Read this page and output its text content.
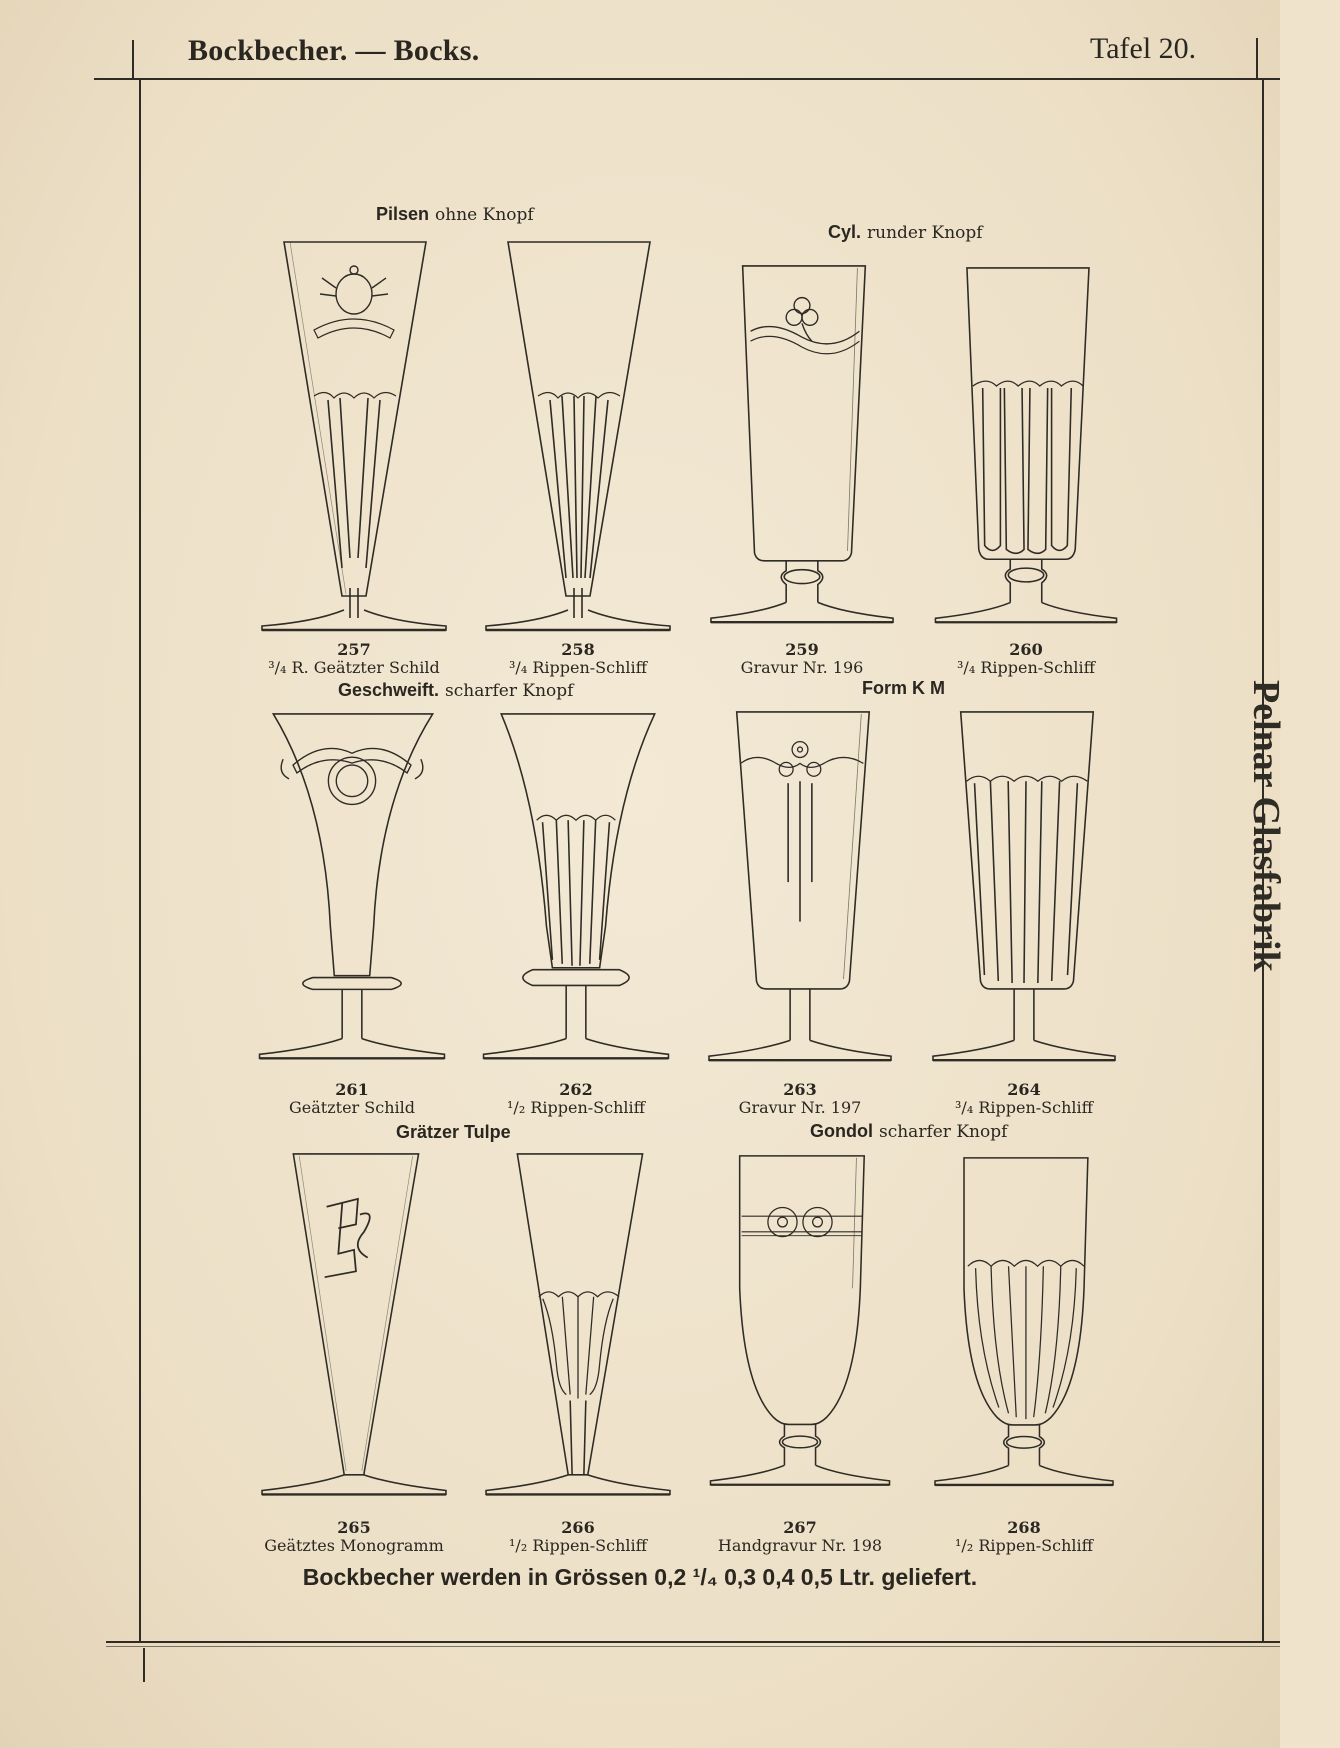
Bockbecher. — Bocks.	Tafel 20.
Pelnar Glasfabrik
Pilsen ohne Knopf
Cyl. runder Knopf
Geschweift. scharfer Knopf	Form K M
Grätzer Tulpe	Gondol scharfer Knopf
257
³/₄ R. Geätzter Schild
258
³/₄ Rippen-Schliff
259
Gravur Nr. 196
260
³/₄ Rippen-Schliff
261
Geätzter Schild
262
¹/₂ Rippen-Schliff
263
Gravur Nr. 197
264
³/₄ Rippen-Schliff
265
Geätztes Monogramm
266
¹/₂ Rippen-Schliff
267
Handgravur Nr. 198
268
¹/₂ Rippen-Schliff
Bockbecher werden in Grössen 0,2 ¹/₄ 0,3 0,4 0,5 Ltr. geliefert.
